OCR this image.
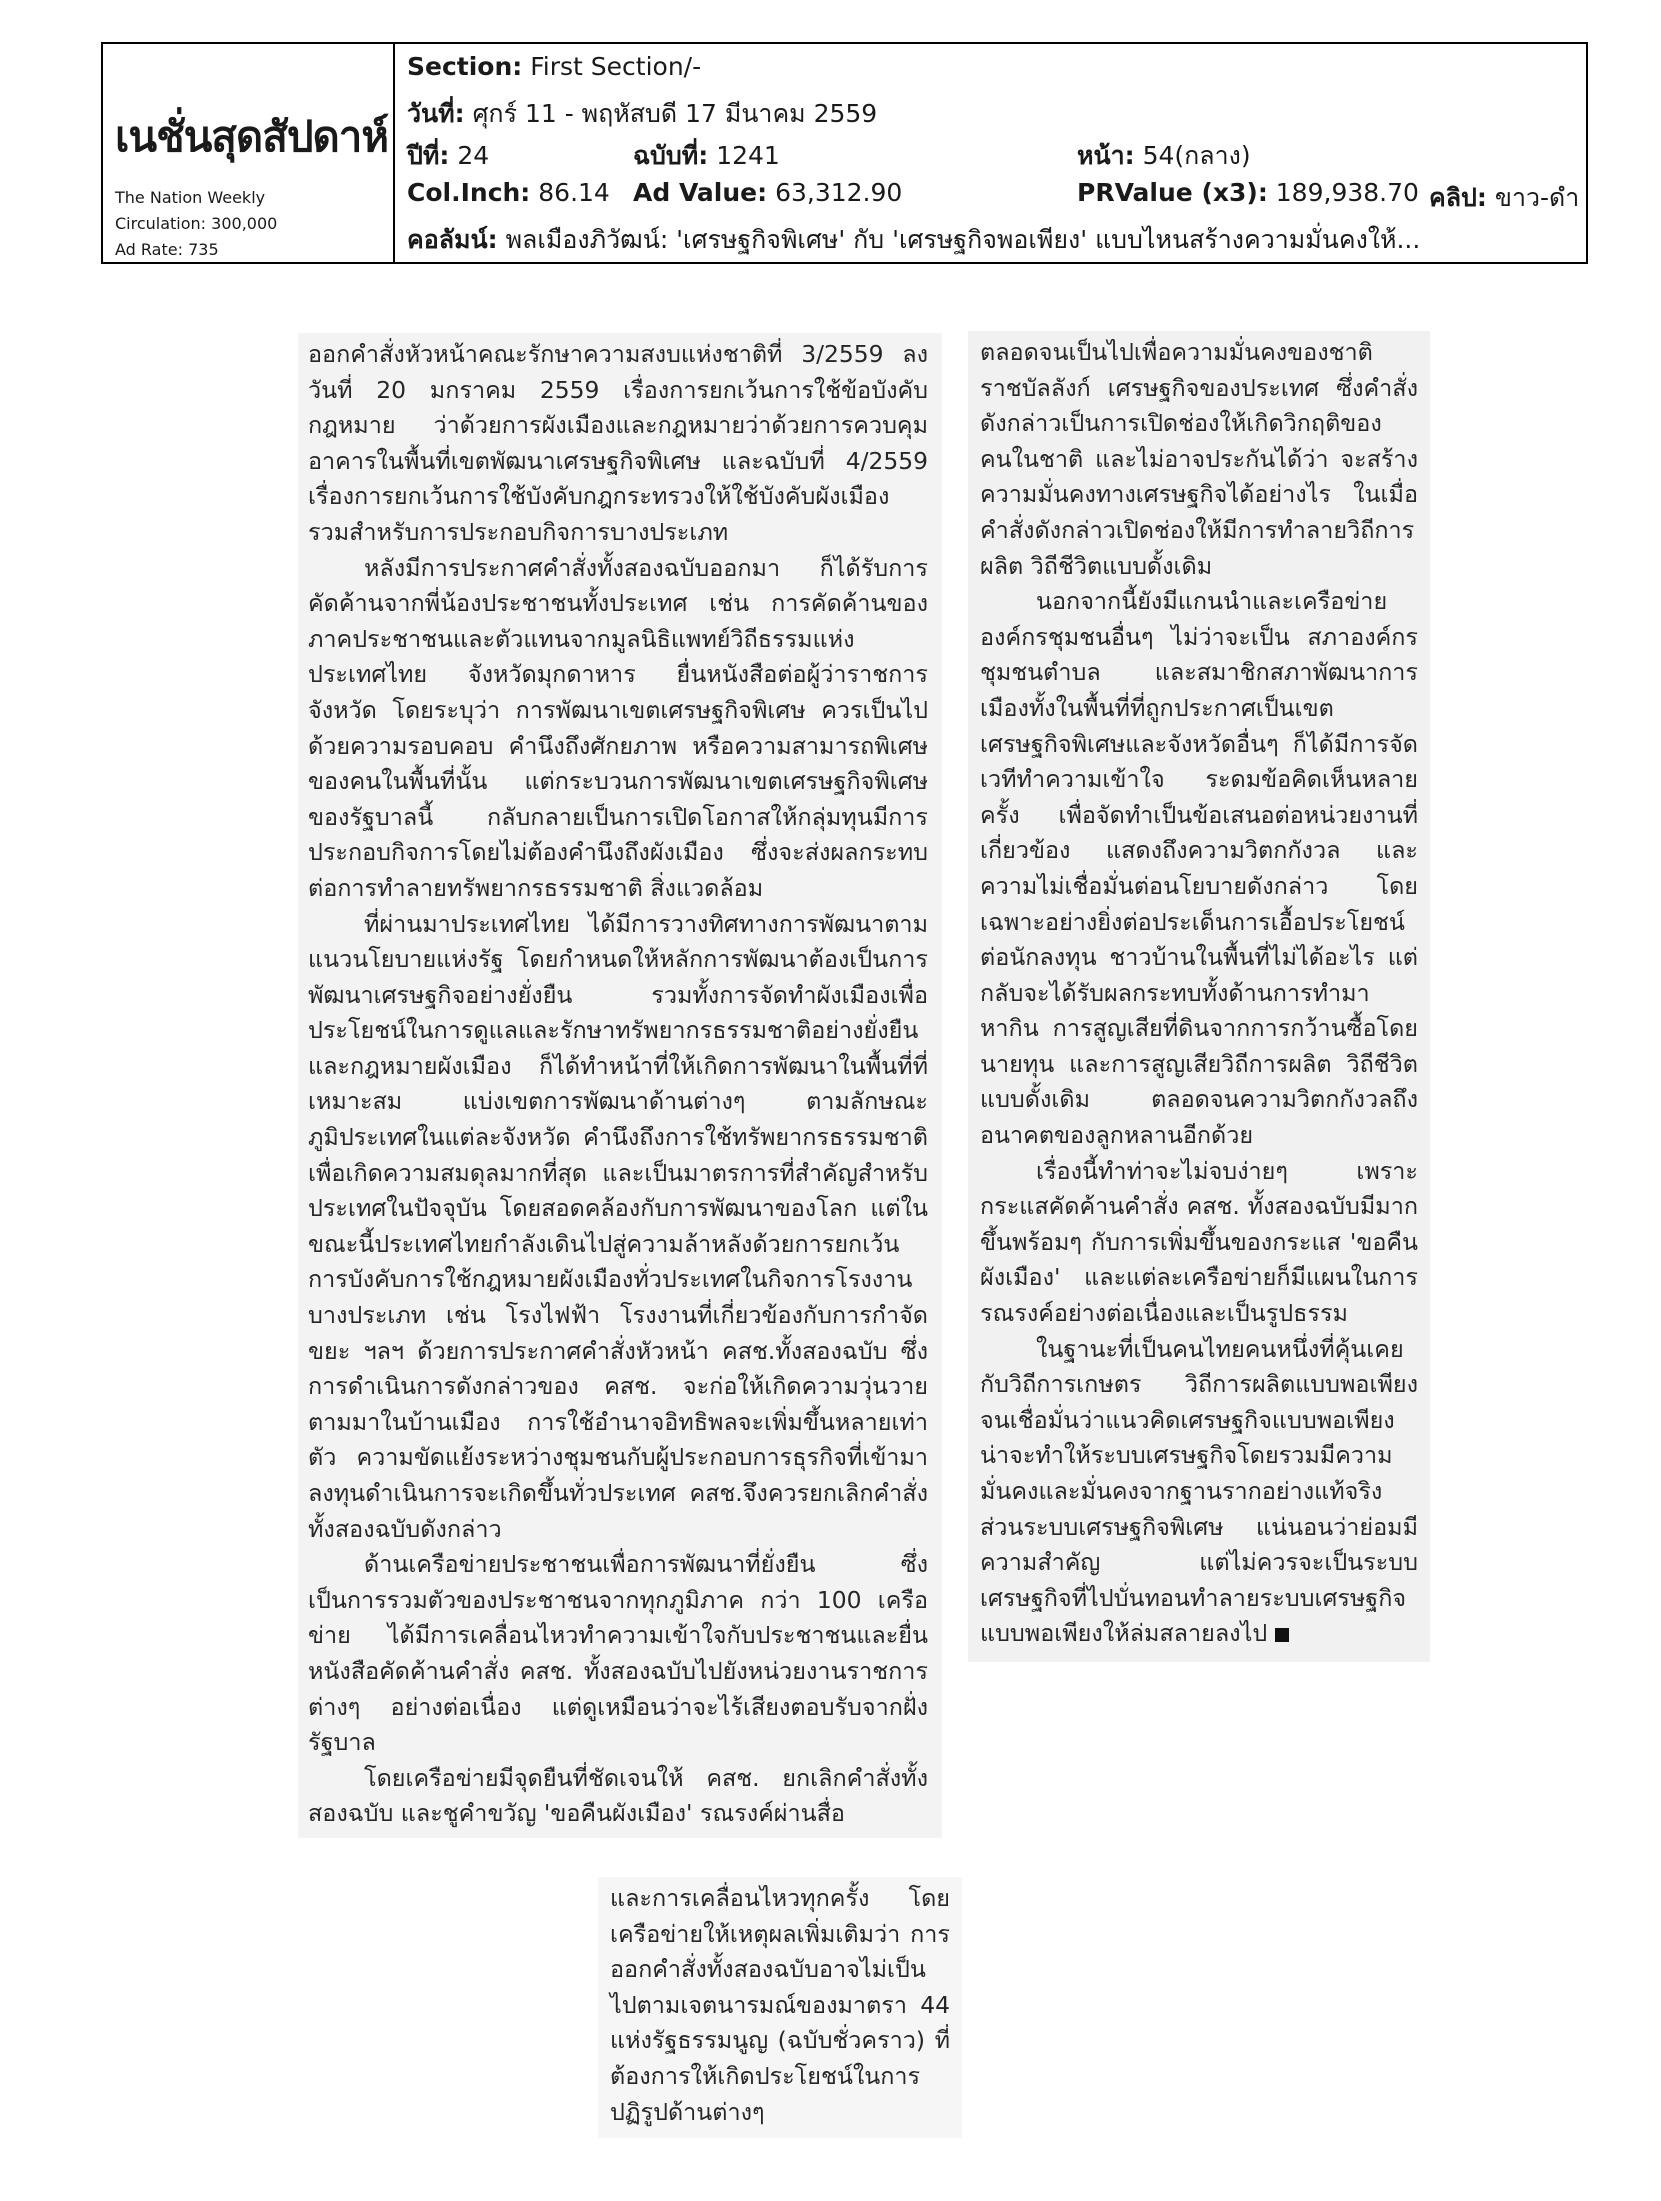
เนชั่นสุดสัปดาห์
The Nation Weekly
Circulation: 300,000
Ad Rate: 735
Section: First Section/-
วันที่: ศุกร์ 11 - พฤหัสบดี 17 มีนาคม 2559
ปีที่: 24	ฉบับที่: 1241	หน้า: 54(กลาง)
Col.Inch: 86.14 Ad Value: 63,312.90	PRValue (x3): 189,938.70 คลิป: ขาว-ดำ
คอลัมน์: พลเมืองภิวัฒน์: 'เศรษฐกิจพิเศษ' กับ 'เศรษฐกิจพอเพียง' แบบไหนสร้างความมั่นคงให้...

ออกคำสั่งหัวหน้าคณะรักษาความสงบแห่งชาติที่ 3/2559 ลงวันที่ 20 มกราคม 2559 เรื่องการยกเว้นการใช้ข้อบังคับกฎหมาย ว่าด้วยการผังเมืองและกฎหมายว่าด้วยการควบคุมอาคารในพื้นที่เขตพัฒนาเศรษฐกิจพิเศษ และฉบับที่ 4/2559 เรื่องการยกเว้นการใช้บังคับกฎกระทรวงให้ใช้บังคับผังเมืองรวมสำหรับการประกอบกิจการบางประเภท

หลังมีการประกาศคำสั่งทั้งสองฉบับออกมา ก็ได้รับการคัดค้านจากพี่น้องประชาชนทั้งประเทศ เช่น การคัดค้านของภาคประชาชนและตัวแทนจากมูลนิธิแพทย์วิถีธรรมแห่งประเทศไทย จังหวัดมุกดาหาร ยื่นหนังสือต่อผู้ว่าราชการจังหวัด โดยระบุว่า การพัฒนาเขตเศรษฐกิจพิเศษ ควรเป็นไปด้วยความรอบคอบ คำนึงถึงศักยภาพ หรือความสามารถพิเศษของคนในพื้นที่นั้น แต่กระบวนการพัฒนาเขตเศรษฐกิจพิเศษของรัฐบาลนี้ กลับกลายเป็นการเปิดโอกาสให้กลุ่มทุนมีการประกอบกิจการโดยไม่ต้องคำนึงถึงผังเมือง ซึ่งจะส่งผลกระทบต่อการทำลายทรัพยากรธรรมชาติ สิ่งแวดล้อม

ที่ผ่านมาประเทศไทย ได้มีการวางทิศทางการพัฒนาตามแนวนโยบายแห่งรัฐ โดยกำหนดให้หลักการพัฒนาต้องเป็นการพัฒนาเศรษฐกิจอย่างยั่งยืน รวมทั้งการจัดทำผังเมืองเพื่อประโยชน์ในการดูแลและรักษาทรัพยากรธรรมชาติอย่างยั่งยืน และกฎหมายผังเมือง ก็ได้ทำหน้าที่ให้เกิดการพัฒนาในพื้นที่ที่เหมาะสม แบ่งเขตการพัฒนาด้านต่างๆ ตามลักษณะภูมิประเทศในแต่ละจังหวัด คำนึงถึงการใช้ทรัพยากรธรรมชาติเพื่อเกิดความสมดุลมากที่สุด และเป็นมาตรการที่สำคัญสำหรับประเทศในปัจจุบัน โดยสอดคล้องกับการพัฒนาของโลก แต่ในขณะนี้ประเทศไทยกำลังเดินไปสู่ความล้าหลังด้วยการยกเว้นการบังคับการใช้กฎหมายผังเมืองทั่วประเทศในกิจการโรงงานบางประเภท เช่น โรงไฟฟ้า โรงงานที่เกี่ยวข้องกับการกำจัดขยะ ฯลฯ ด้วยการประกาศคำสั่งหัวหน้า คสช.ทั้งสองฉบับ ซึ่งการดำเนินการดังกล่าวของ คสช. จะก่อให้เกิดความวุ่นวายตามมาในบ้านเมือง การใช้อำนาจอิทธิพลจะเพิ่มขึ้นหลายเท่าตัว ความขัดแย้งระหว่างชุมชนกับผู้ประกอบการธุรกิจที่เข้ามาลงทุนดำเนินการจะเกิดขึ้นทั่วประเทศ คสช.จึงควรยกเลิกคำสั่งทั้งสองฉบับดังกล่าว

ด้านเครือข่ายประชาชนเพื่อการพัฒนาที่ยั่งยืน ซึ่งเป็นการรวมตัวของประชาชนจากทุกภูมิภาค กว่า 100 เครือข่าย ได้มีการเคลื่อนไหวทำความเข้าใจกับประชาชนและยื่นหนังสือคัดค้านคำสั่ง คสช. ทั้งสองฉบับไปยังหน่วยงานราชการต่างๆ อย่างต่อเนื่อง แต่ดูเหมือนว่าจะไร้เสียงตอบรับจากฝั่งรัฐบาล

โดยเครือข่ายมีจุดยืนที่ชัดเจนให้ คสช. ยกเลิกคำสั่งทั้งสองฉบับ และชูคำขวัญ 'ขอคืนผังเมือง' รณรงค์ผ่านสื่อ

และการเคลื่อนไหวทุกครั้ง โดยเครือข่ายให้เหตุผลเพิ่มเติมว่า การออกคำสั่งทั้งสองฉบับอาจไม่เป็นไปตามเจตนารมณ์ของมาตรา 44 แห่งรัฐธรรมนูญ (ฉบับชั่วคราว) ที่ต้องการให้เกิดประโยชน์ในการปฏิรูปด้านต่างๆ

ตลอดจนเป็นไปเพื่อความมั่นคงของชาติ ราชบัลลังก์ เศรษฐกิจของประเทศ ซึ่งคำสั่งดังกล่าวเป็นการเปิดช่องให้เกิดวิกฤติของคนในชาติ และไม่อาจประกันได้ว่า จะสร้างความมั่นคงทางเศรษฐกิจได้อย่างไร ในเมื่อคำสั่งดังกล่าวเปิดช่องให้มีการทำลายวิถีการผลิต วิถีชีวิตแบบดั้งเดิม

นอกจากนี้ยังมีแกนนำและเครือข่ายองค์กรชุมชนอื่นๆ ไม่ว่าจะเป็น สภาองค์กรชุมชนตำบล และสมาชิกสภาพัฒนาการเมืองทั้งในพื้นที่ที่ถูกประกาศเป็นเขตเศรษฐกิจพิเศษและจังหวัดอื่นๆ ก็ได้มีการจัดเวทีทำความเข้าใจ ระดมข้อคิดเห็นหลายครั้ง เพื่อจัดทำเป็นข้อเสนอต่อหน่วยงานที่เกี่ยวข้อง แสดงถึงความวิตกกังวล และความไม่เชื่อมั่นต่อนโยบายดังกล่าว โดยเฉพาะอย่างยิ่งต่อประเด็นการเอื้อประโยชน์ต่อนักลงทุน ชาวบ้านในพื้นที่ไม่ได้อะไร แต่กลับจะได้รับผลกระทบทั้งด้านการทำมาหากิน การสูญเสียที่ดินจากการกว้านซื้อโดยนายทุน และการสูญเสียวิถีการผลิต วิถีชีวิตแบบดั้งเดิม ตลอดจนความวิตกกังวลถึงอนาคตของลูกหลานอีกด้วย

เรื่องนี้ทำท่าจะไม่จบง่ายๆ เพราะกระแสคัดค้านคำสั่ง คสช. ทั้งสองฉบับมีมากขึ้นพร้อมๆ กับการเพิ่มขึ้นของกระแส 'ขอคืนผังเมือง' และแต่ละเครือข่ายก็มีแผนในการรณรงค์อย่างต่อเนื่องและเป็นรูปธรรม

ในฐานะที่เป็นคนไทยคนหนึ่งที่คุ้นเคยกับวิถีการเกษตร วิถีการผลิตแบบพอเพียง จนเชื่อมั่นว่าแนวคิดเศรษฐกิจแบบพอเพียง น่าจะทำให้ระบบเศรษฐกิจโดยรวมมีความมั่นคงและมั่นคงจากฐานรากอย่างแท้จริง ส่วนระบบเศรษฐกิจพิเศษ แน่นอนว่าย่อมมีความสำคัญ แต่ไม่ควรจะเป็นระบบเศรษฐกิจที่ไปบั่นทอนทำลายระบบเศรษฐกิจแบบพอเพียงให้ล่มสลายลงไป
